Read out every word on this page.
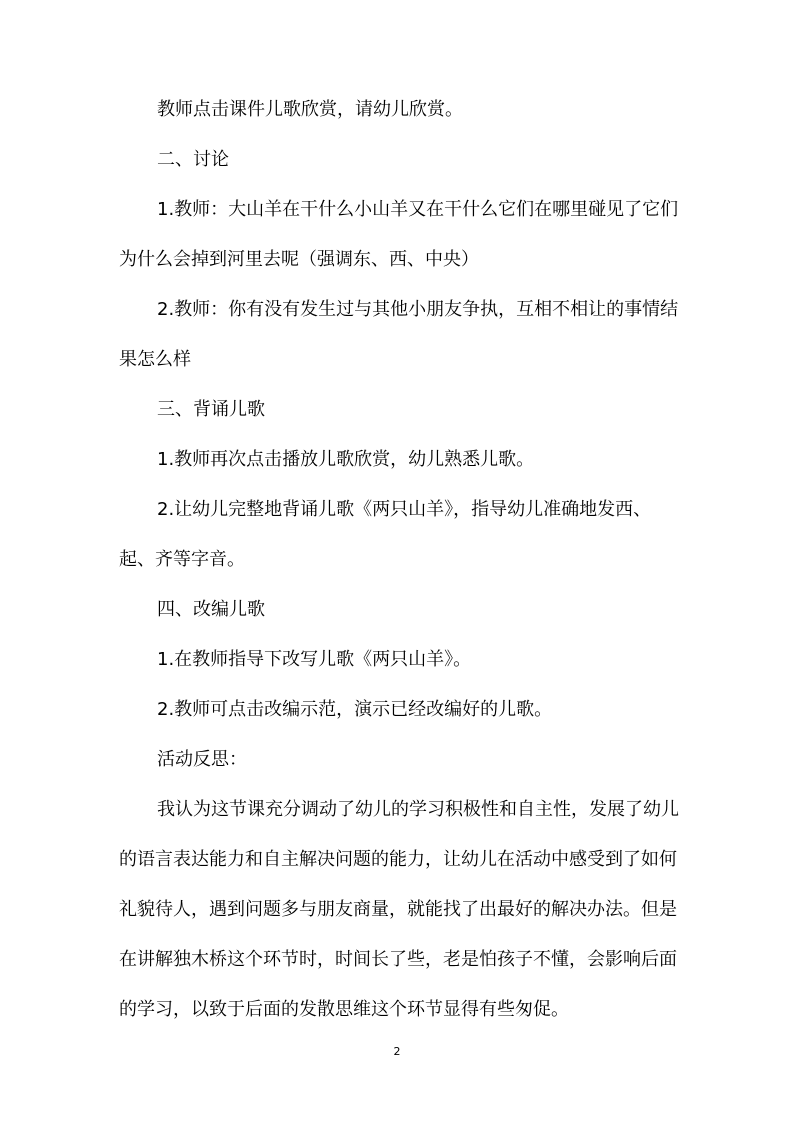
教师点击课件儿歌欣赏，请幼儿欣赏。

二、讨论

1.教师：大山羊在干什么小山羊又在干什么它们在哪里碰见了它们为什么会掉到河里去呢（强调东、西、中央）

2.教师：你有没有发生过与其他小朋友争执，互相不相让的事情结果怎么样

三、背诵儿歌

1.教师再次点击播放儿歌欣赏，幼儿熟悉儿歌。

2.让幼儿完整地背诵儿歌《两只山羊》，指导幼儿准确地发西、起、齐等字音。

四、改编儿歌

1.在教师指导下改写儿歌《两只山羊》。

2.教师可点击改编示范，演示已经改编好的儿歌。

活动反思：

我认为这节课充分调动了幼儿的学习积极性和自主性，发展了幼儿的语言表达能力和自主解决问题的能力，让幼儿在活动中感受到了如何礼貌待人，遇到问题多与朋友商量，就能找了出最好的解决办法。但是在讲解独木桥这个环节时，时间长了些，老是怕孩子不懂，会影响后面的学习，以致于后面的发散思维这个环节显得有些匆促。

2
